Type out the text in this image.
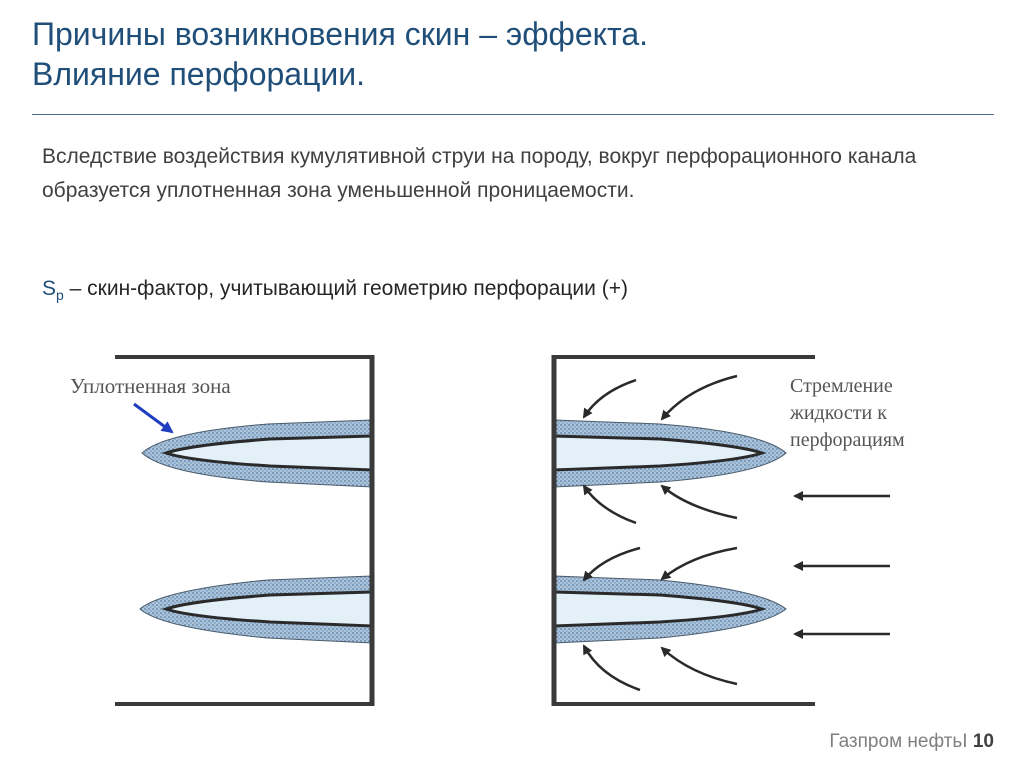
Причины возникновения скин – эффекта.
Влияние перфорации.
Вследствие воздействия кумулятивной струи на породу, вокруг перфорационного канала образуется уплотненная зона уменьшенной проницаемости.
$S_p$ – скин-фактор, учитывающий геометрию перфорации (+)
Уплотненная зона	Стремление жидкости к перфорациям
Газпром нефтьI 10
